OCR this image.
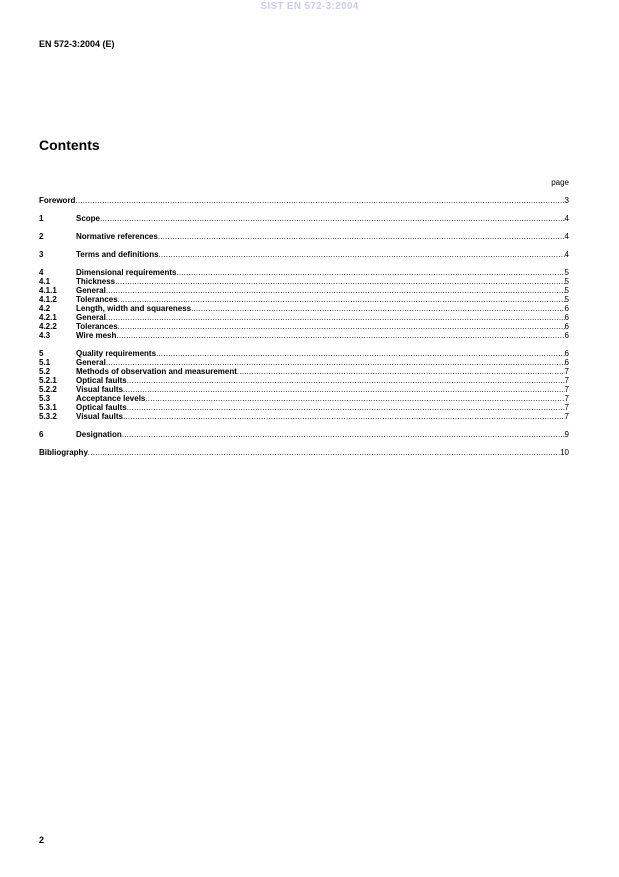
SIST EN 572-3:2004
EN 572-3:2004 (E)
Contents
page
Foreword .....	3
1	Scope .....	4
2	Normative references .....	4
3	Terms and definitions .....	4
4	Dimensional requirements .....	5
4.1	Thickness .....	5
4.1.1	General .....	5
4.1.2	Tolerances .....	5
4.2	Length, width and squareness .....	6
4.2.1	General .....	6
4.2.2	Tolerances .....	6
4.3	Wire mesh .....	6
5	Quality requirements .....	6
5.1	General .....	6
5.2	Methods of observation and measurement .....	7
5.2.1	Optical faults .....	7
5.2.2	Visual faults .....	7
5.3	Acceptance levels .....	7
5.3.1	Optical faults .....	7
5.3.2	Visual faults .....	7
6	Designation .....	9
Bibliography .....	10
2
